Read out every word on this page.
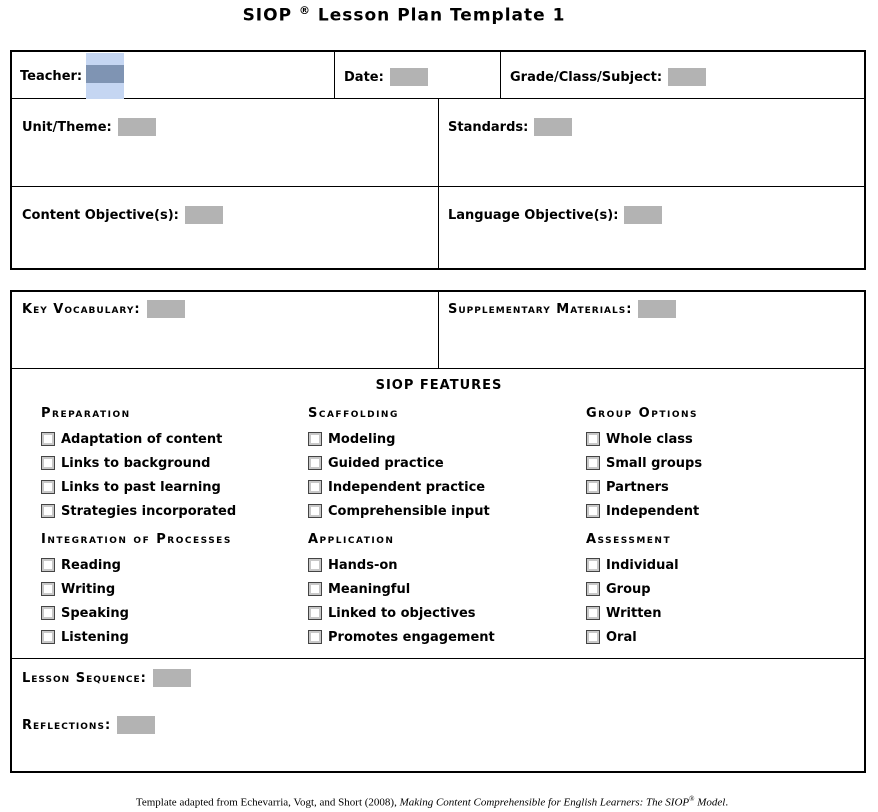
SIOP ® Lesson Plan Template 1
Teacher:	Date:	Grade/Class/Subject:
Unit/Theme:	Standards:
Content Objective(s):	Language Objective(s):
Key Vocabulary:	Supplementary Materials:
SIOP FEATURES
Preparation
Adaptation of content
Links to background
Links to past learning
Strategies incorporated
Scaffolding
Modeling
Guided practice
Independent practice
Comprehensible input
Group Options
Whole class
Small groups
Partners
Independent
Integration of Processes
Reading
Writing
Speaking
Listening
Application
Hands-on
Meaningful
Linked to objectives
Promotes engagement
Assessment
Individual
Group
Written
Oral
Lesson Sequence:
Reflections:
Template adapted from Echevarria, Vogt, and Short (2008), Making Content Comprehensible for English Learners: The SIOP® Model.
